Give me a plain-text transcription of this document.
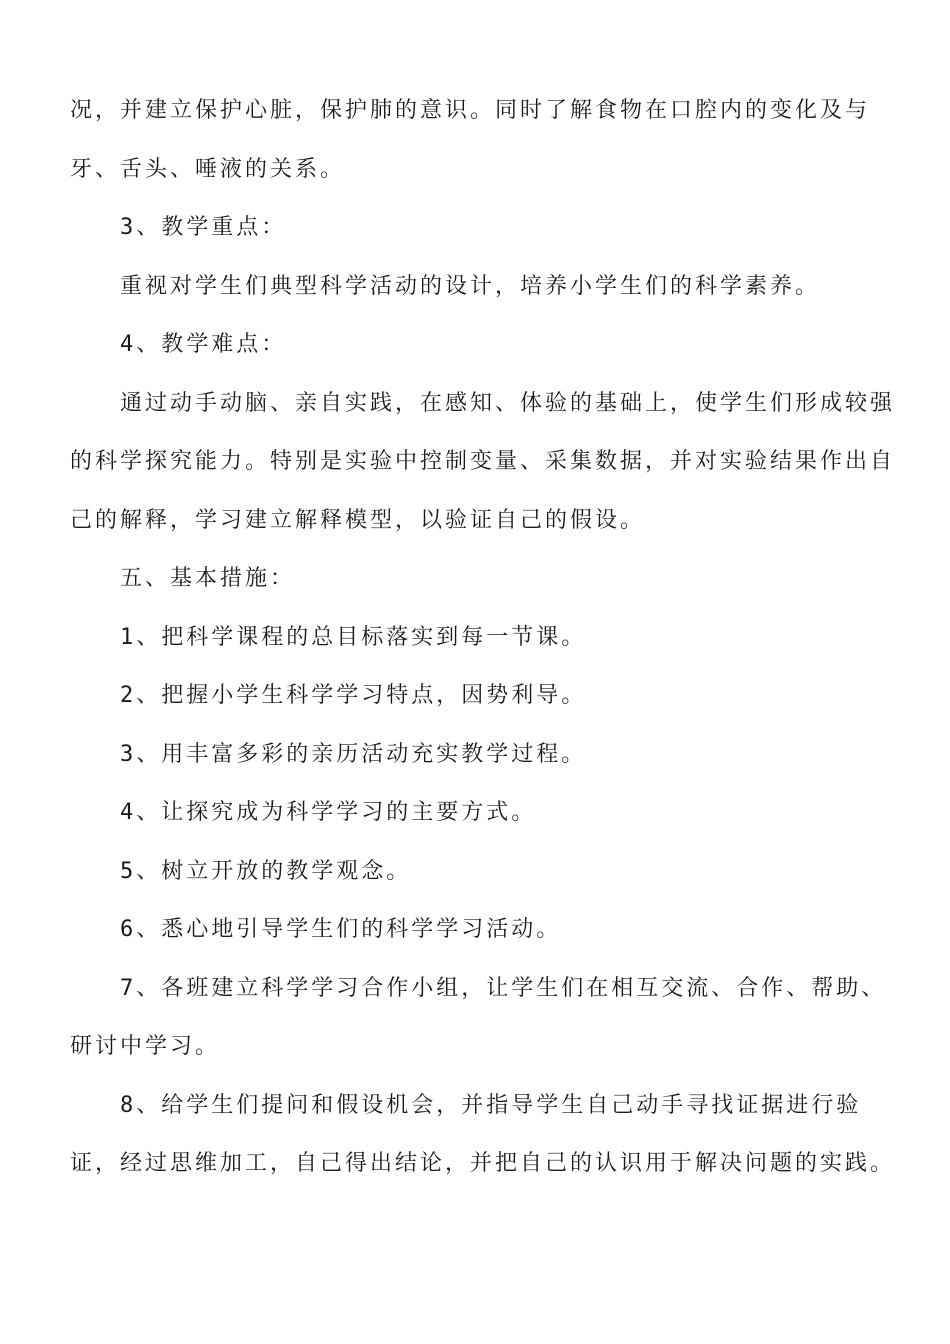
况，并建立保护心脏，保护肺的意识。同时了解食物在口腔内的变化及与牙、舌头、唾液的关系。

3、教学重点：

重视对学生们典型科学活动的设计，培养小学生们的科学素养。

4、教学难点：

通过动手动脑、亲自实践，在感知、体验的基础上，使学生们形成较强的科学探究能力。特别是实验中控制变量、采集数据，并对实验结果作出自己的解释，学习建立解释模型，以验证自己的假设。

五、基本措施：

1、把科学课程的总目标落实到每一节课。

2、把握小学生科学学习特点，因势利导。

3、用丰富多彩的亲历活动充实教学过程。

4、让探究成为科学学习的主要方式。

5、树立开放的教学观念。

6、悉心地引导学生们的科学学习活动。

7、各班建立科学学习合作小组，让学生们在相互交流、合作、帮助、研讨中学习。

8、给学生们提问和假设机会，并指导学生自己动手寻找证据进行验证，经过思维加工，自己得出结论，并把自己的认识用于解决问题的实践。
